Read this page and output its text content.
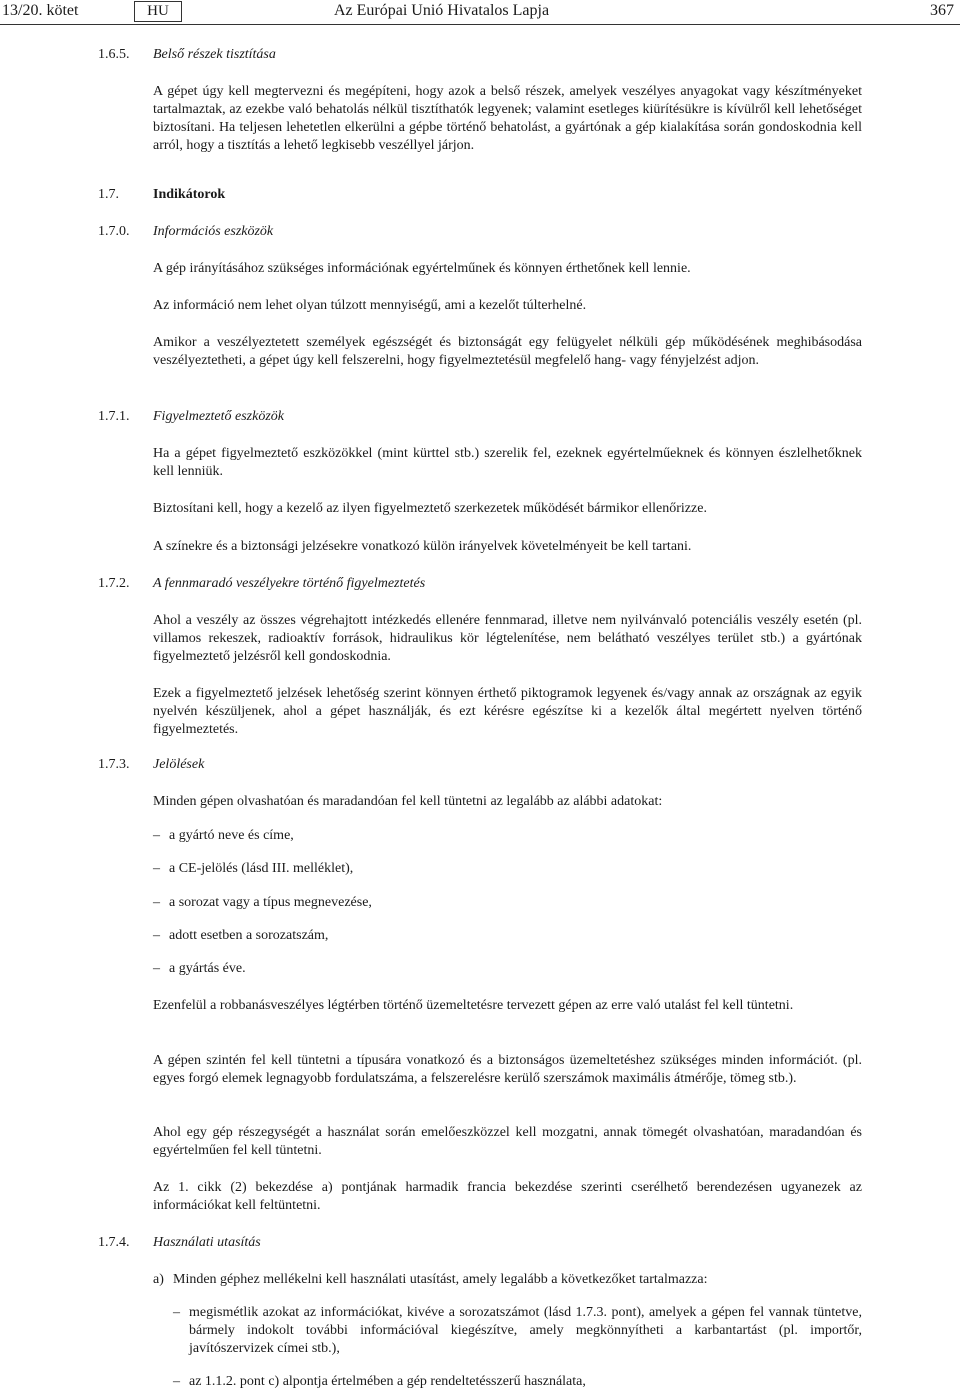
13/20. kötet	HU	Az Európai Unió Hivatalos Lapja	367
1.6.5. Belső részek tisztítása

A gépet úgy kell megtervezni és megépíteni, hogy azok a belső részek, amelyek veszélyes anyagokat vagy készítményeket tartalmaztak, az ezekbe való behatolás nélkül tisztíthatók legyenek; valamint esetleges kiürítésükre is kívülről kell lehetőséget biztosítani. Ha teljesen lehetetlen elkerülni a gépbe történő behatolást, a gyártónak a gép kialakítása során gondoskodnia kell arról, hogy a tisztítás a lehető legkisebb veszéllyel járjon.

1.7. Indikátorok
1.7.0. Információs eszközök

A gép irányításához szükséges információnak egyértelműnek és könnyen érthetőnek kell lennie.

Az információ nem lehet olyan túlzott mennyiségű, ami a kezelőt túlterhelné.

Amikor a veszélyeztetett személyek egészségét és biztonságát egy felügyelet nélküli gép működésének meghibásodása veszélyeztetheti, a gépet úgy kell felszerelni, hogy figyelmeztetésül megfelelő hang- vagy fényjelzést adjon.

1.7.1. Figyelmeztető eszközök

Ha a gépet figyelmeztető eszközökkel (mint kürttel stb.) szerelik fel, ezeknek egyértelműeknek és könnyen észlelhetőknek kell lenniük.

Biztosítani kell, hogy a kezelő az ilyen figyelmeztető szerkezetek működését bármikor ellenőrizze.

A színekre és a biztonsági jelzésekre vonatkozó külön irányelvek követelményeit be kell tartani.

1.7.2. A fennmaradó veszélyekre történő figyelmeztetés

Ahol a veszély az összes végrehajtott intézkedés ellenére fennmarad, illetve nem nyilvánvaló potenciális veszély esetén (pl. villamos rekeszek, radioaktív források, hidraulikus kör légtelenítése, nem belátható veszélyes terület stb.) a gyártónak figyelmeztető jelzésről kell gondoskodnia.

Ezek a figyelmeztető jelzések lehetőség szerint könnyen érthető piktogramok legyenek és/vagy annak az országnak az egyik nyelvén készüljenek, ahol a gépet használják, és ezt kérésre egészítse ki a kezelők által megértett nyelven történő figyelmeztetés.

1.7.3. Jelölések

Minden gépen olvashatóan és maradandóan fel kell tüntetni az legalább az alábbi adatokat:

– a gyártó neve és címe,
– a CE-jelölés (lásd III. melléklet),
– a sorozat vagy a típus megnevezése,
– adott esetben a sorozatszám,
– a gyártás éve.

Ezenfelül a robbanásveszélyes légtérben történő üzemeltetésre tervezett gépen az erre való utalást fel kell tüntetni.

A gépen szintén fel kell tüntetni a típusára vonatkozó és a biztonságos üzemeltetéshez szükséges minden információt. (pl. egyes forgó elemek legnagyobb fordulatszáma, a felszerelésre kerülő szerszámok maximális átmérője, tömeg stb.).

Ahol egy gép részegységét a használat során emelőeszközzel kell mozgatni, annak tömegét olvashatóan, maradandóan és egyértelműen fel kell tüntetni.

Az 1. cikk (2) bekezdése a) pontjának harmadik francia bekezdése szerinti cserélhető berendezésen ugyanezek az információkat kell feltüntetni.

1.7.4. Használati utasítás
a) Minden géphez mellékelni kell használati utasítást, amely legalább a következőket tartalmazza:
– megismétlik azokat az információkat, kivéve a sorozatszámot (lásd 1.7.3. pont), amelyek a gépen fel vannak tüntetve, bármely indokolt további információval kiegészítve, amely megkönnyítheti a karbantartást (pl. importőr, javítószervizek címei stb.),
– az 1.1.2. pont c) alpontja értelmében a gép rendeltetésszerű használata,
